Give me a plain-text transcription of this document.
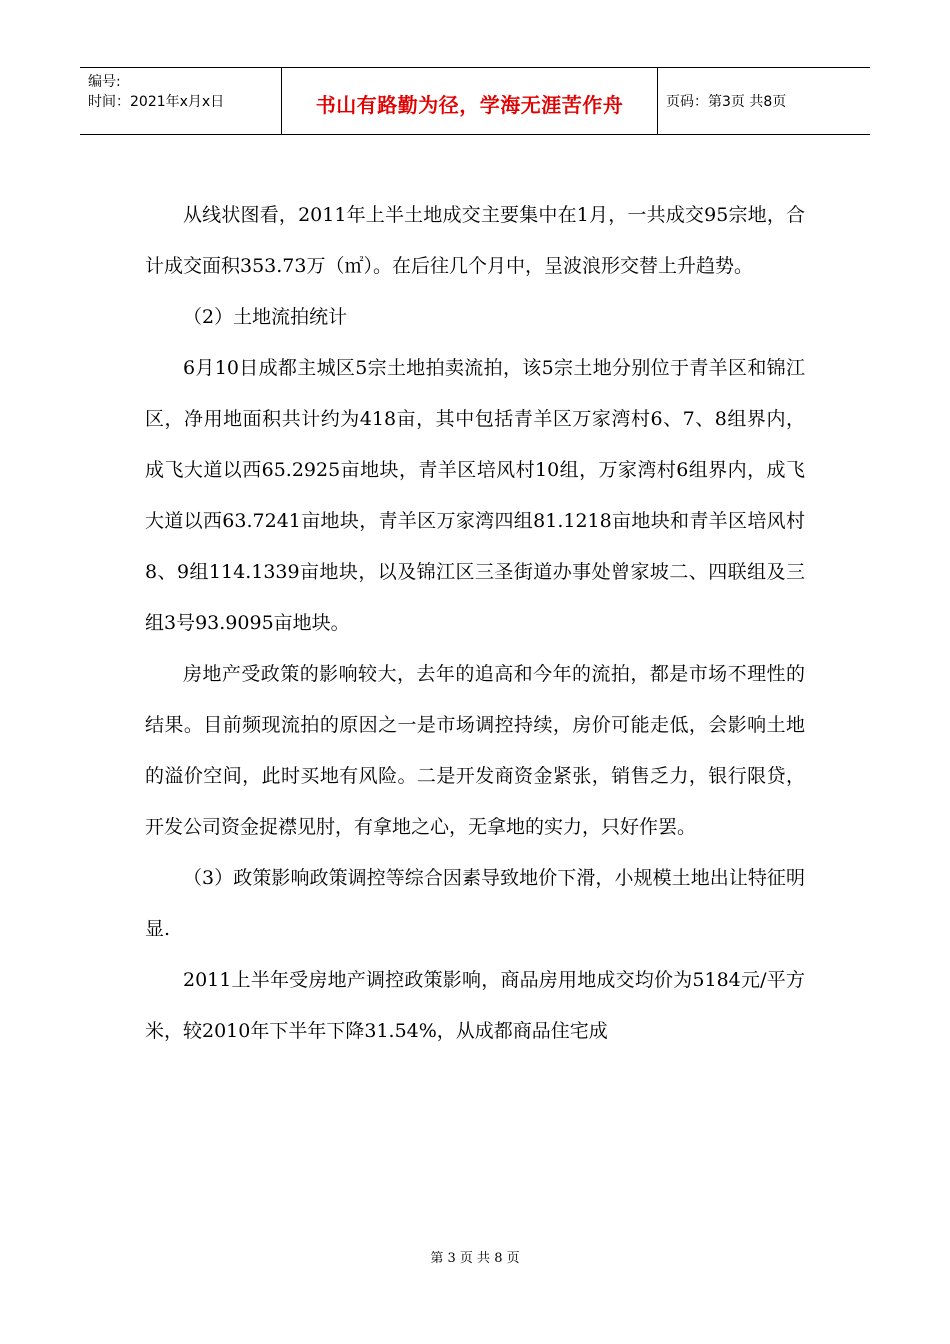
编号:
时间：2021年x月x日	书山有路勤为径，学海无涯苦作舟	页码：第3页 共8页

从线状图看，2011年上半土地成交主要集中在1月，一共成交95宗地，合计成交面积353.73万（㎡）。在后往几个月中，呈波浪形交替上升趋势。

（2）土地流拍统计

6月10日成都主城区5宗土地拍卖流拍，该5宗土地分别位于青羊区和锦江区，净用地面积共计约为418亩，其中包括青羊区万家湾村6、7、8组界内，成飞大道以西65.2925亩地块，青羊区培风村10组，万家湾村6组界内，成飞大道以西63.7241亩地块，青羊区万家湾四组81.1218亩地块和青羊区培风村8、9组114.1339亩地块，以及锦江区三圣街道办事处曾家坡二、四联组及三组3号93.9095亩地块。

房地产受政策的影响较大，去年的追高和今年的流拍，都是市场不理性的结果。目前频现流拍的原因之一是市场调控持续，房价可能走低，会影响土地的溢价空间，此时买地有风险。二是开发商资金紧张，销售乏力，银行限贷，开发公司资金捉襟见肘，有拿地之心，无拿地的实力，只好作罢。

（3）政策影响政策调控等综合因素导致地价下滑，小规模土地出让特征明显.

2011上半年受房地产调控政策影响，商品房用地成交均价为5184元/平方米，较2010年下半年下降31.54%，从成都商品住宅成

第 3 页 共 8 页
